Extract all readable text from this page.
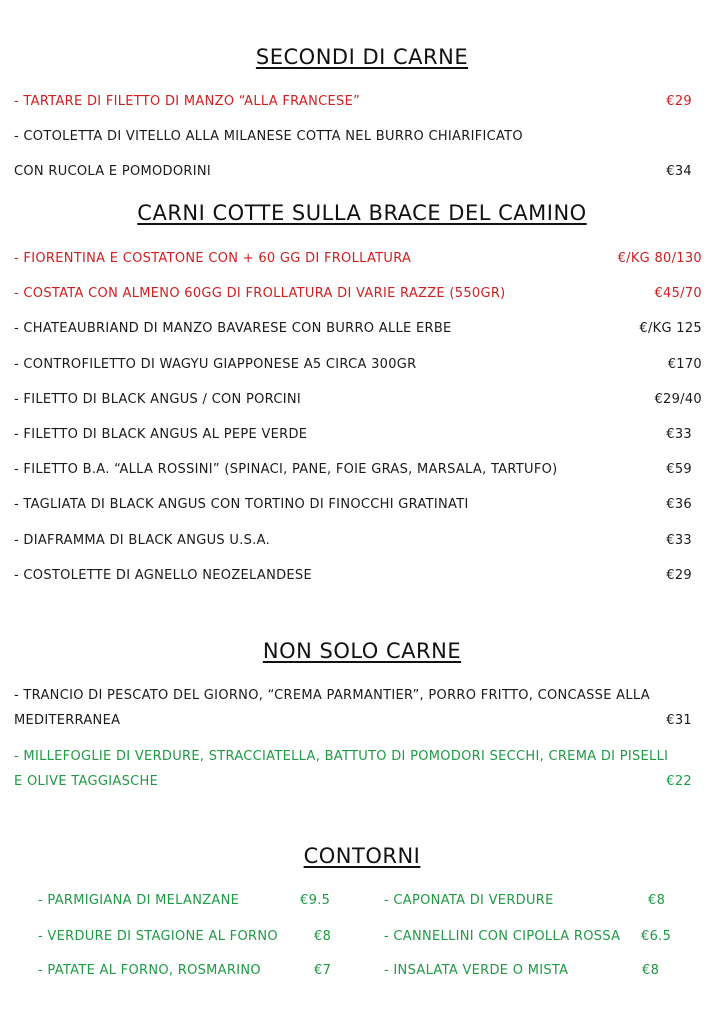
SECONDI DI CARNE
- TARTARE DI FILETTO DI MANZO “ALLA FRANCESE”	€29
- COTOLETTA DI VITELLO ALLA MILANESE COTTA NEL BURRO CHIARIFICATO
CON RUCOLA E POMODORINI	€34
CARNI COTTE SULLA BRACE DEL CAMINO
- FIORENTINA E COSTATONE CON + 60 GG DI FROLLATURA	€/KG 80/130
- COSTATA CON ALMENO 60GG DI FROLLATURA DI VARIE RAZZE (550GR)	€45/70
- CHATEAUBRIAND DI MANZO BAVARESE CON BURRO ALLE ERBE	€/KG 125
- CONTROFILETTO DI WAGYU GIAPPONESE A5 CIRCA 300GR	€170
- FILETTO DI BLACK ANGUS / CON PORCINI	€29/40
- FILETTO DI BLACK ANGUS AL PEPE VERDE	€33
- FILETTO B.A. “ALLA ROSSINI” (SPINACI, PANE, FOIE GRAS, MARSALA, TARTUFO)	€59
- TAGLIATA DI BLACK ANGUS CON TORTINO DI FINOCCHI GRATINATI	€36
- DIAFRAMMA DI BLACK ANGUS U.S.A.	€33
- COSTOLETTE DI AGNELLO NEOZELANDESE	€29
NON SOLO CARNE
- TRANCIO DI PESCATO DEL GIORNO, “CREMA PARMANTIER”, PORRO FRITTO, CONCASSE ALLA
MEDITERRANEA	€31
- MILLEFOGLIE DI VERDURE, STRACCIATELLA, BATTUTO DI POMODORI SECCHI, CREMA DI PISELLI
E OLIVE TAGGIASCHE	€22
CONTORNI
- PARMIGIANA DI MELANZANE	€9.5
- VERDURE DI STAGIONE AL FORNO	€8
- PATATE AL FORNO, ROSMARINO	€7
- CAPONATA DI VERDURE	€8
- CANNELLINI CON CIPOLLA ROSSA €6.5
- INSALATA VERDE O MISTA	€8
